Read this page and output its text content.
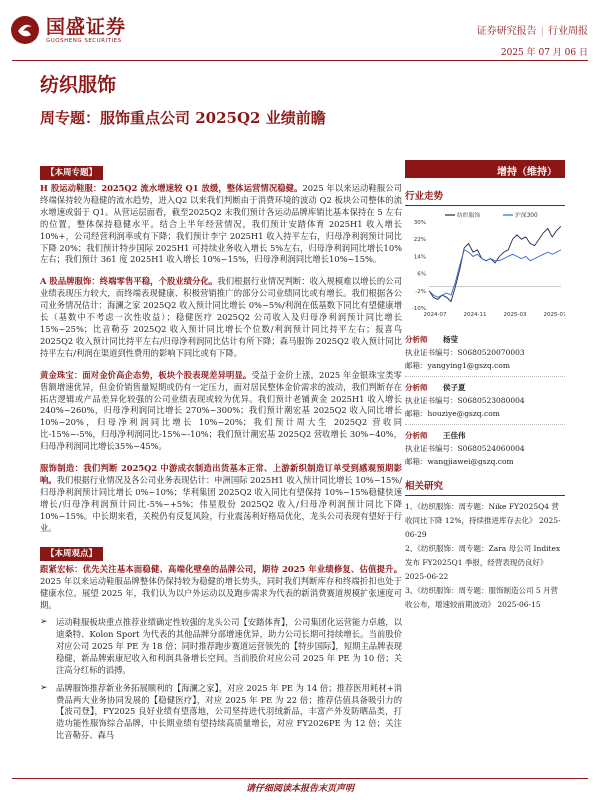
国盛证券
GUOSHENG SECURITIES
证券研究报告 | 行业周报
2025 年 07 月 06 日
纺织服饰
周专题：服饰重点公司 2025Q2 业绩前瞻
【本周专题】

H 股运动鞋服：2025Q2 流水增速较 Q1 放缓，整体运营情况稳健。2025 年以来运动鞋服公司终端保持较为稳健的流水趋势，进入Q2 以来我们判断由于消费环境的波动 Q2 板块公司整体的流水增速或弱于 Q1。从营运层面看，截至2025Q2 末我们预计各运动品牌库销比基本保持在 5 左右的位置，整体保持稳健水平。结合上半年经营情况，我们预计安踏体育 2025H1 收入增长 10%+，公司经营利润率或有下降；我们预计李宁 2025H1 收入持平左右，归母净利润预计同比下降 20%；我们预计特步国际 2025H1 可持续业务收入增长 5%左右，归母净利润同比增长10%左右；我们预计 361 度 2025H1 收入增长 10%~15%，归母净利润同比增长10%~15%。

A 股品牌服饰：终端零售平稳，个股业绩分化。我们根据行业情况判断：收入规模难以增长的公司业绩表现压力较大，而终端表现健康、积极营销推广的部分公司业绩同比或有增长。我们根据各公司业务情况估计：海澜之家 2025Q2 收入预计同比增长 0%~5%/利润在低基数下同比有望健康增长（基数中不考虑一次性收益）；稳健医疗 2025Q2 公司收入及归母净利润预计同比增长 15%~25%；比音勒芬 2025Q2 收入预计同比增长个位数/利润预计同比持平左右；报喜鸟 2025Q2 收入预计同比持平左右/归母净利润同比估计有所下降；森马服饰 2025Q2 收入预计同比持平左右/利润在渠道到性费用的影响下同比或有下降。

黄金珠宝：面对金价高企态势，板块个股表现差异明显。受益于金价上涨，2025 年金银珠宝类零售额增速优异，但金价销售量短期或仍有一定压力，面对居民整体金价需求的波动，我们判断存在拓店逻辑或产品差异化较强的公司业绩表现或较为优异。我们预计老铺黄金 2025H1 收入增长 240%~260%，归母净利润同比增长 270%~300%；我们预计潮宏基 2025Q2 收入同比增长 10%~20%，归母净利润同比增长 10%~20%；我们预计周大生 2025Q2 营收同比-15%~-5%，归母净利润同比-15%~-10%；我们预计潮宏基 2025Q2 营收增长 30%~40%，归母净利润同比增长35%~45%。

服饰制造：我们判断 2025Q2 中游成衣制造出货基本正常、上游新织制造订单受到感观预期影响。我们根据行业情况及各公司业务表现估计：申洲国际 2025H1 收入预计同比增长 10%~15%/归母净利润预计同比增长 0%~10%；华利集团 2025Q2 收入同比有望保持 10%~15%稳健快速增长/归母净利润预计同比-5%~+5%；伟星股份 2025Q2 收入/归母净利润预计同比下降 10%~15%。中长期来看，关税仍有反复风险，行业震荡利好格局优化，龙头公司表现有望好于行业。

【本周观点】

跟紧宏标：优先关注基本面稳健、高端化壁垒的品牌公司，期待 2025 年业绩修复、估值提升。2025 年以来运动鞋服品牌整体仍保持较为稳健的增长势头，同时我们判断库存和终端折扣也处于健康水位。展望 2025 年，我们认为以户外运动以及跑步需求为代表的新消费赛道规模扩张速度可期。

➢	运动鞋服板块重点推荐业绩确定性较强的龙头公司【安踏体育】，公司集团化运营能力卓越，以迪桑特、Kolon Sport 为代表的其他品牌分部增速优异，助力公司长期可持续增长。当前股价对应公司 2025 年 PE 为 18 倍；同时推荐跑步赛道运营领先的【特步国际】，短期主品牌表现稳健，新品牌索康尼收入和利润具备增长空间。当前股价对应公司 2025 年 PE 为 10 倍；关注高分红标的滔搏。
➢	品牌服饰推荐新业务拓展顺利的【海澜之家】，对应 2025 年 PE 为 14 倍；推荐医用耗材+消费品两大业务协同发展的【稳健医疗】，对应 2025 年 PE 为 22 倍；推荐估值具备吸引力的【波司登】，FY2025 良好业绩有望落地，公司坚持进代羽绒新品，丰富产外发防晒品类，打造功能性服饰综合品牌，中长期业绩有望持续高质量增长，对应 FY2026PE 为 12 倍；关注比音勒芬、森马
增持（维持）
行业走势
-10%
-2%
6%
14%
22%
30%
2024-07	2024-11	2025-03	2025-07
纺织服饰	沪深300
分析师 杨莹
执业证书编号：S0680520070003
邮箱：yangying1@gszq.com
分析师 侯子夏
执业证书编号：S0680523080004
邮箱：houziye@gszq.com
分析师 王佳伟
执业证书编号：S0680524060004
邮箱：wangjiawei@gszq.com
相关研究
1、《纺织服饰：周专题：Nike FY2025Q4 营收同比下降 12%，持续推进库存去化》 2025-06-29
2、《纺织服饰：周专题：Zara 母公司 Inditex 发布 FY2025Q1 季报，经营表现仍良好》 2025-06-22
3、《纺织服饰：周专题：服饰制造公司 5 月营收公布，增速较前期波动》 2025-06-15
请仔细阅读本报告末页声明
